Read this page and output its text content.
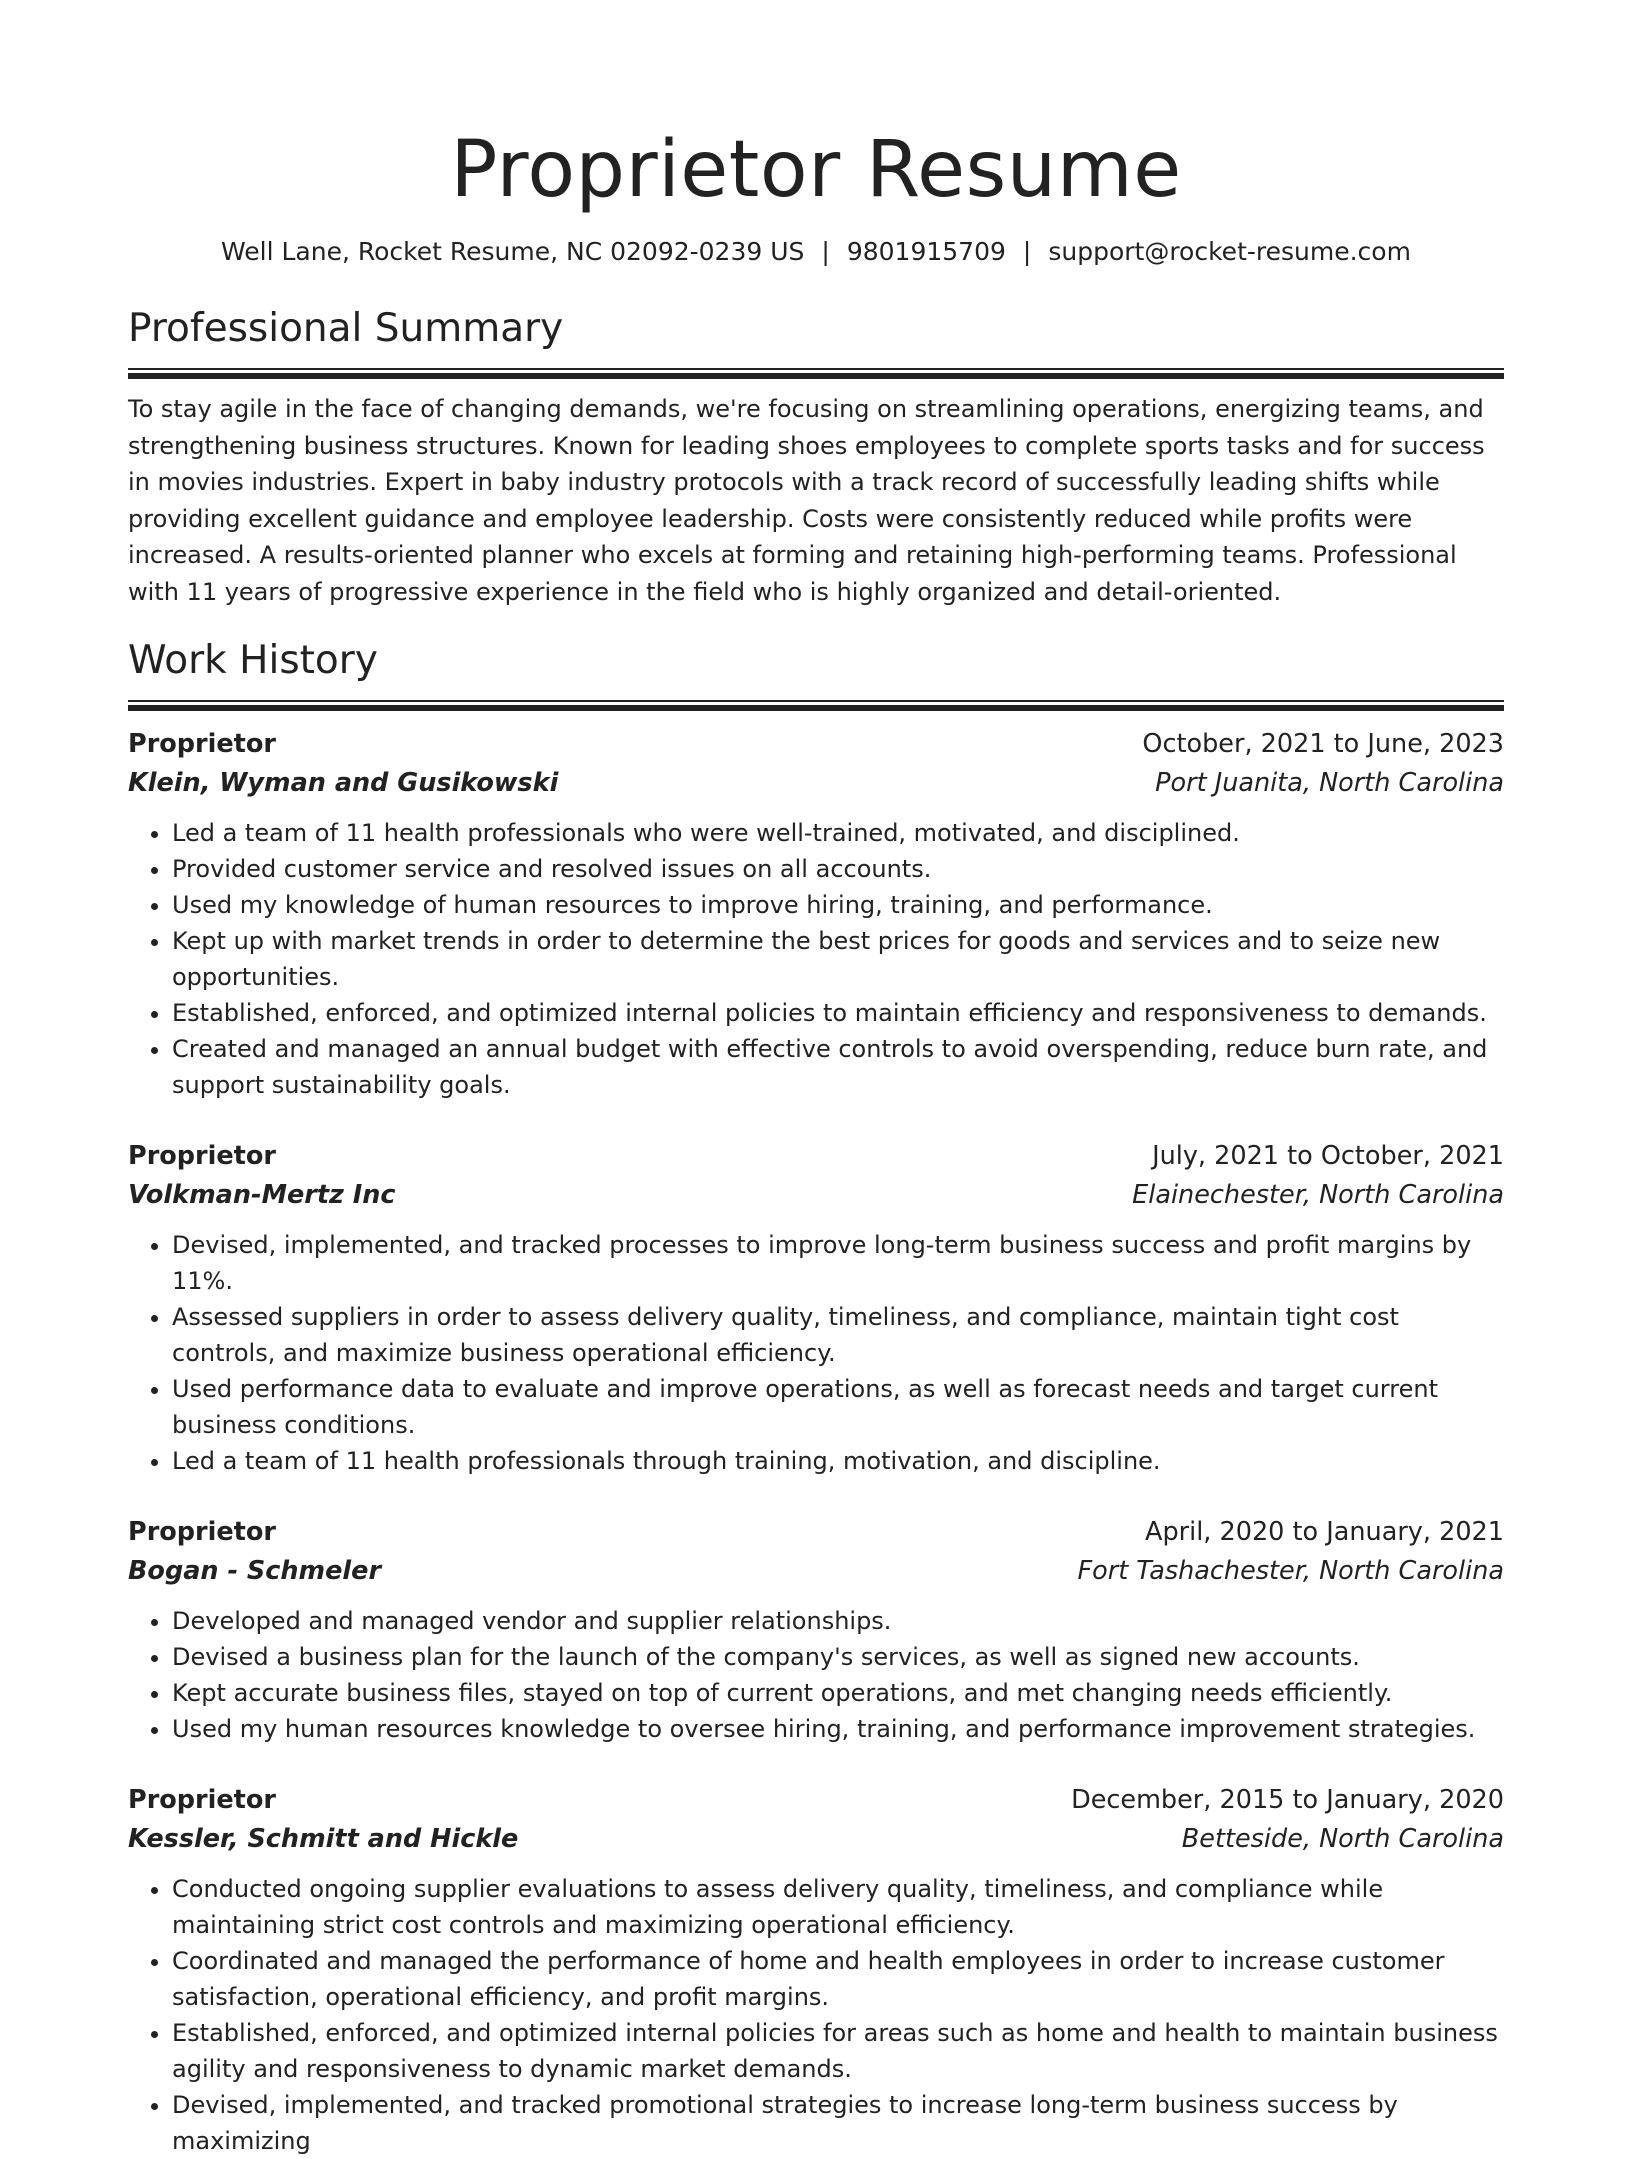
Proprietor Resume
Well Lane, Rocket Resume, NC 02092-0239 US | 9801915709 | support@rocket-resume.com
Professional Summary

To stay agile in the face of changing demands, we're focusing on streamlining operations, energizing teams, and strengthening business structures. Known for leading shoes employees to complete sports tasks and for success in movies industries. Expert in baby industry protocols with a track record of successfully leading shifts while providing excellent guidance and employee leadership. Costs were consistently reduced while profits were increased. A results-oriented planner who excels at forming and retaining high-performing teams. Professional with 11 years of progressive experience in the field who is highly organized and detail-oriented.

Work History
Proprietor	October, 2021 to June, 2023
Klein, Wyman and Gusikowski	Port Juanita, North Carolina
• Led a team of 11 health professionals who were well-trained, motivated, and disciplined.
• Provided customer service and resolved issues on all accounts.
• Used my knowledge of human resources to improve hiring, training, and performance.
• Kept up with market trends in order to determine the best prices for goods and services and to seize new opportunities.
• Established, enforced, and optimized internal policies to maintain efficiency and responsiveness to demands.
• Created and managed an annual budget with effective controls to avoid overspending, reduce burn rate, and support sustainability goals.
Proprietor	July, 2021 to October, 2021
Volkman-Mertz Inc	Elainechester, North Carolina
• Devised, implemented, and tracked processes to improve long-term business success and profit margins by 11%.
• Assessed suppliers in order to assess delivery quality, timeliness, and compliance, maintain tight cost controls, and maximize business operational efficiency.
• Used performance data to evaluate and improve operations, as well as forecast needs and target current business conditions.
• Led a team of 11 health professionals through training, motivation, and discipline.
Proprietor	April, 2020 to January, 2021
Bogan - Schmeler	Fort Tashachester, North Carolina
• Developed and managed vendor and supplier relationships.
• Devised a business plan for the launch of the company's services, as well as signed new accounts.
• Kept accurate business files, stayed on top of current operations, and met changing needs efficiently.
• Used my human resources knowledge to oversee hiring, training, and performance improvement strategies.
Proprietor	December, 2015 to January, 2020
Kessler, Schmitt and Hickle	Betteside, North Carolina
• Conducted ongoing supplier evaluations to assess delivery quality, timeliness, and compliance while maintaining strict cost controls and maximizing operational efficiency.
• Coordinated and managed the performance of home and health employees in order to increase customer satisfaction, operational efficiency, and profit margins.
• Established, enforced, and optimized internal policies for areas such as home and health to maintain business agility and responsiveness to dynamic market demands.
• Devised, implemented, and tracked promotional strategies to increase long-term business success by maximizing
